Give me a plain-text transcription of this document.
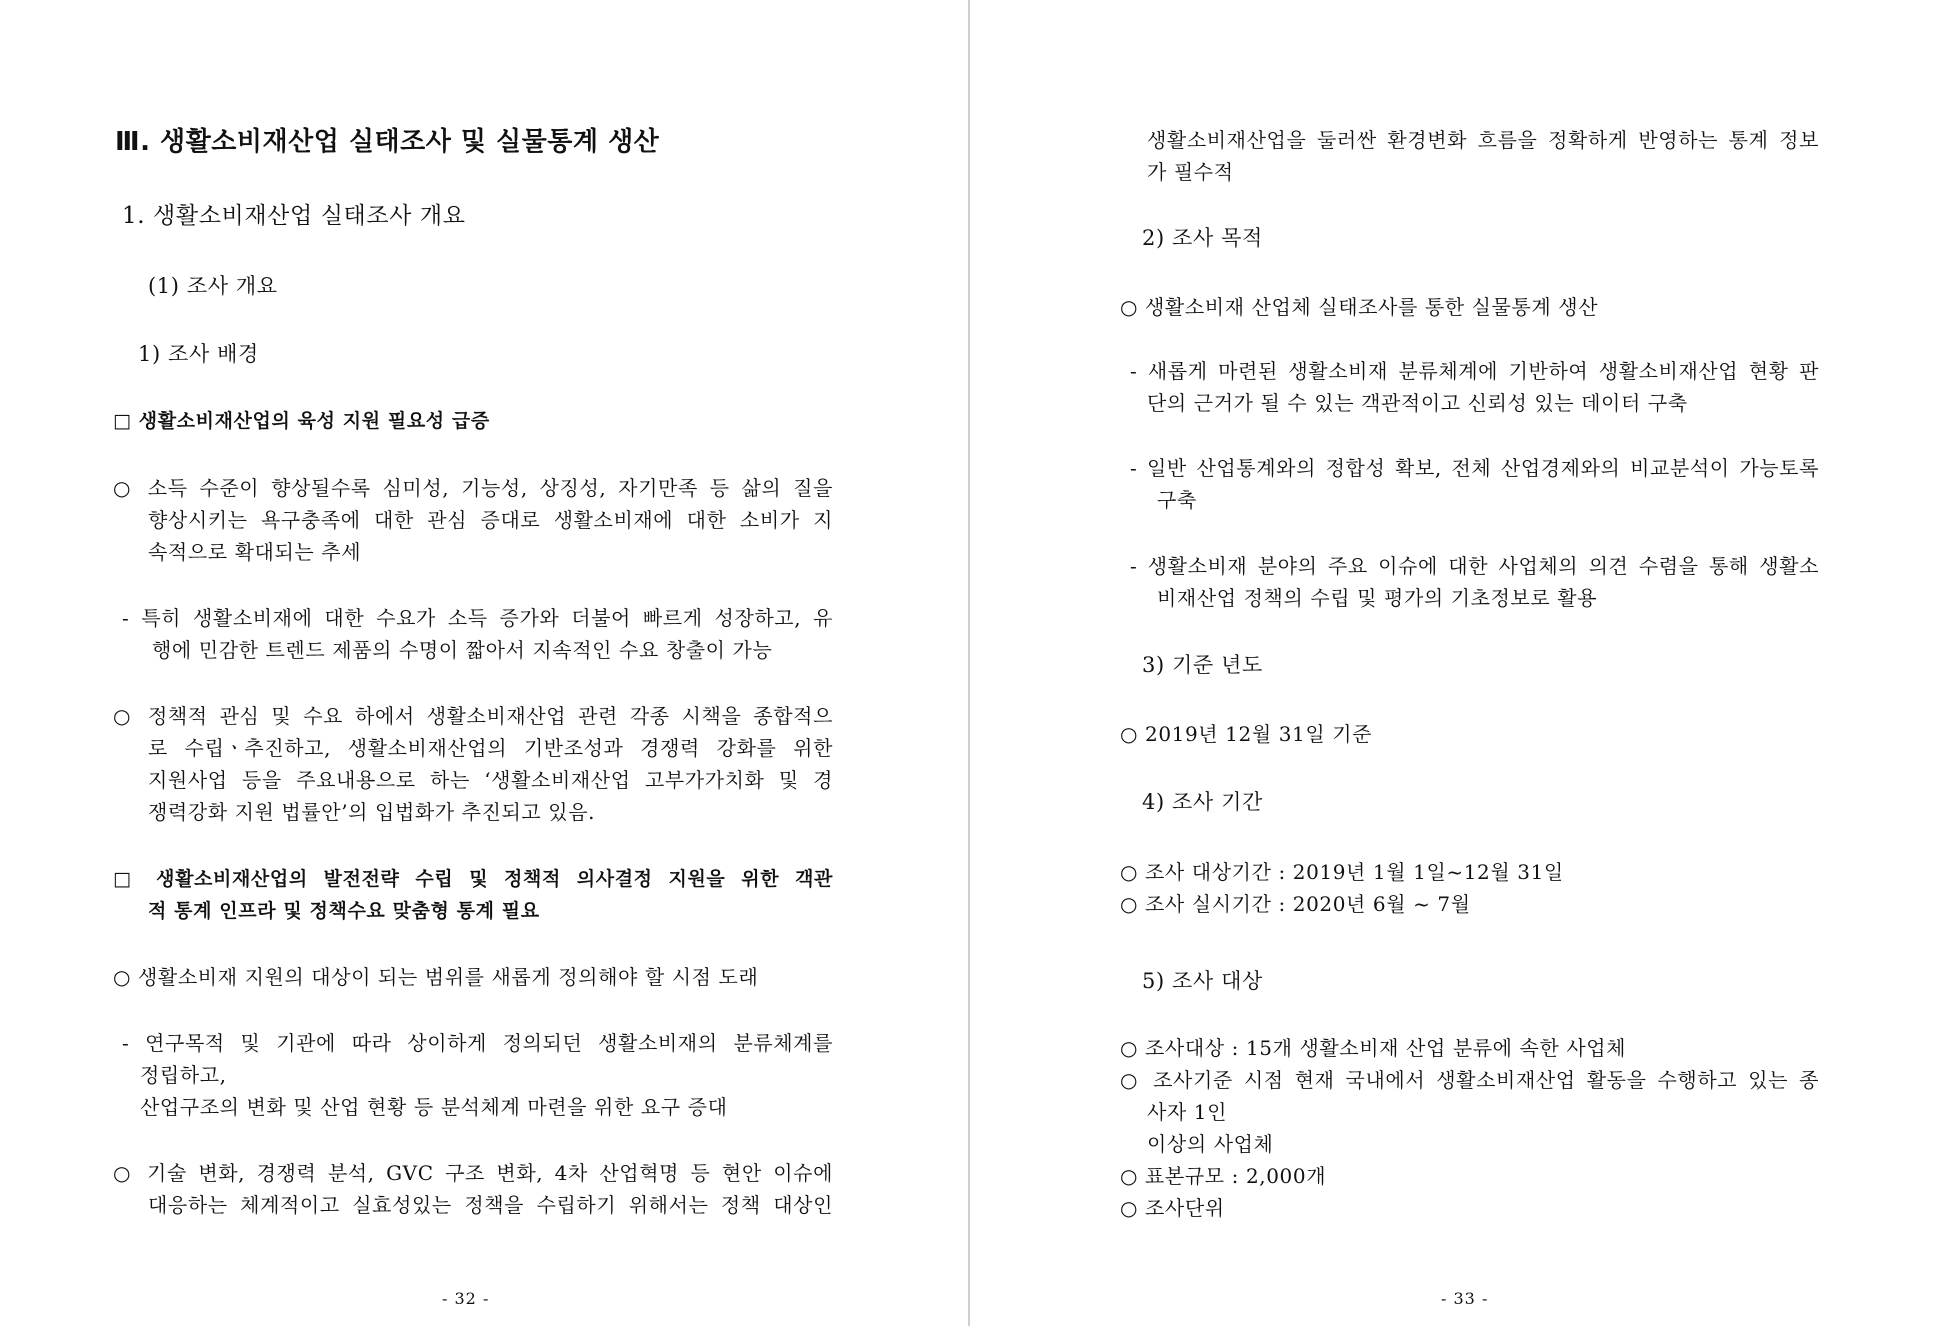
Ⅲ. 생활소비재산업 실태조사 및 실물통계 생산
1. 생활소비재산업 실태조사 개요
(1) 조사 개요
1) 조사 배경
□ 생활소비재산업의 육성 지원 필요성 급증
○ 소득 수준이 향상될수록 심미성, 기능성, 상징성, 자기만족 등 삶의 질을
향상시키는 욕구충족에 대한 관심 증대로 생활소비재에 대한 소비가 지
속적으로 확대되는 추세
- 특히 생활소비재에 대한 수요가 소득 증가와 더불어 빠르게 성장하고, 유
행에 민감한 트렌드 제품의 수명이 짧아서 지속적인 수요 창출이 가능
○ 정책적 관심 및 수요 하에서 생활소비재산업 관련 각종 시책을 종합적으
로 수립ㆍ추진하고, 생활소비재산업의 기반조성과 경쟁력 강화를 위한
지원사업 등을 주요내용으로 하는 ‘생활소비재산업 고부가가치화 및 경
쟁력강화 지원 법률안’의 입법화가 추진되고 있음.
□ 생활소비재산업의 발전전략 수립 및 정책적 의사결정 지원을 위한 객관
적 통계 인프라 및 정책수요 맞춤형 통계 필요
○ 생활소비재 지원의 대상이 되는 범위를 새롭게 정의해야 할 시점 도래
- 연구목적 및 기관에 따라 상이하게 정의되던 생활소비재의 분류체계를
정립하고,
산업구조의 변화 및 산업 현황 등 분석체계 마련을 위한 요구 증대
○ 기술 변화, 경쟁력 분석, GVC 구조 변화, 4차 산업혁명 등 현안 이슈에
대응하는 체계적이고 실효성있는 정책을 수립하기 위해서는 정책 대상인
- 32 -
생활소비재산업을 둘러싼 환경변화 흐름을 정확하게 반영하는 통계 정보
가 필수적
2) 조사 목적
○ 생활소비재 산업체 실태조사를 통한 실물통계 생산
- 새롭게 마련된 생활소비재 분류체계에 기반하여 생활소비재산업 현황 판
단의 근거가 될 수 있는 객관적이고 신뢰성 있는 데이터 구축
- 일반 산업통계와의 정합성 확보, 전체 산업경제와의 비교분석이 가능토록
구축
- 생활소비재 분야의 주요 이슈에 대한 사업체의 의견 수렴을 통해 생활소
비재산업 정책의 수립 및 평가의 기초정보로 활용
3) 기준 년도
○ 2019년 12월 31일 기준
4) 조사 기간
○ 조사 대상기간 : 2019년 1월 1일~12월 31일
○ 조사 실시기간 : 2020년 6월 ~ 7월
5) 조사 대상
○ 조사대상 : 15개 생활소비재 산업 분류에 속한 사업체
○ 조사기준 시점 현재 국내에서 생활소비재산업 활동을 수행하고 있는 종
사자 1인
이상의 사업체
○ 표본규모 : 2,000개
○ 조사단위
- 33 -
